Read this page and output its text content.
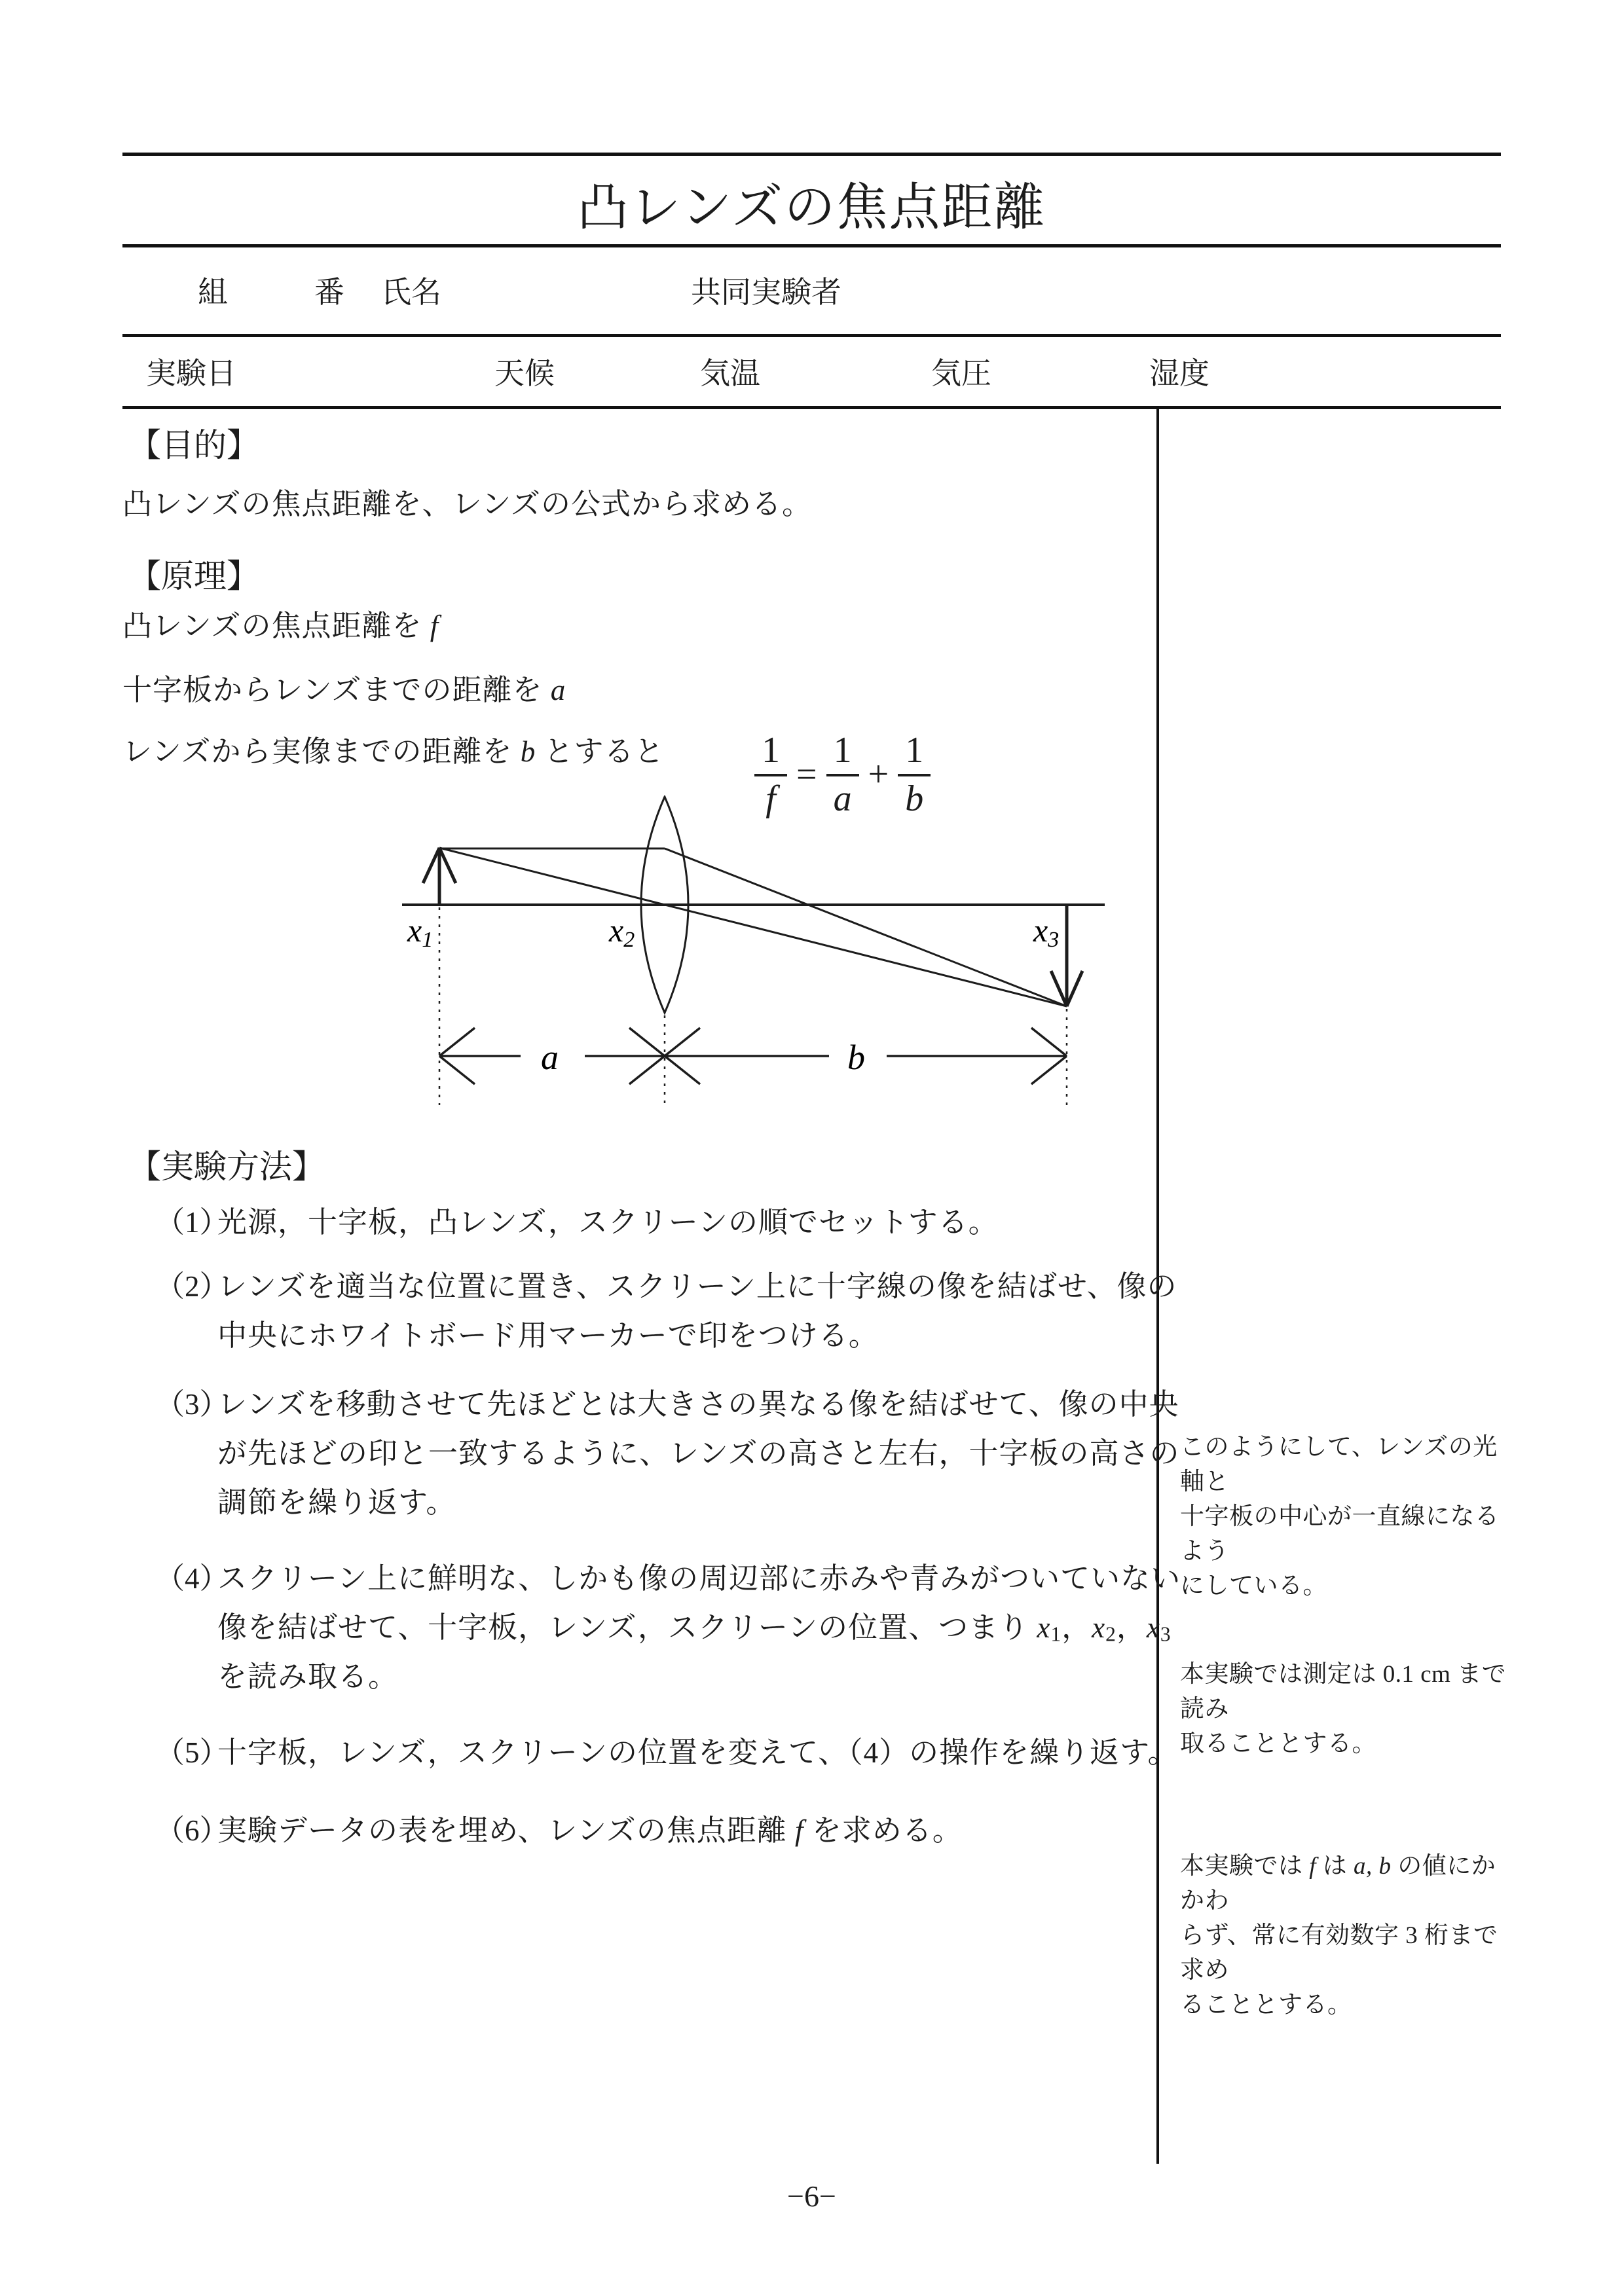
凸レンズの焦点距離
組	番 氏名	共同実験者
実験日	天候	気温	気圧	湿度
【目的】
凸レンズの焦点距離を、レンズの公式から求める。
【原理】
凸レンズの焦点距離を f
十字板からレンズまでの距離を a
レンズから実像までの距離を b とすると $\frac{1}{f} = \frac{1}{a} + \frac{1}{b}$
x1	x2	x3
a	b
【実験方法】
（1）
光源，十字板，凸レンズ，スクリーンの順でセットする。
（2）
レンズを適当な位置に置き、スクリーン上に十字線の像を結ばせ、像の
中央にホワイトボード用マーカーで印をつける。
（3）
レンズを移動させて先ほどとは大きさの異なる像を結ばせて、像の中央
が先ほどの印と一致するように、レンズの高さと左右，十字板の高さの
調節を繰り返す。
（4）
スクリーン上に鮮明な、しかも像の周辺部に赤みや青みがついていない
像を結ばせて、十字板，レンズ，スクリーンの位置、つまり x1，x2，x3
を読み取る。
（5）
十字板，レンズ，スクリーンの位置を変えて、（4）の操作を繰り返す。
（6）
実験データの表を埋め、レンズの焦点距離 f を求める。
このようにして、レンズの光軸と
十字板の中心が一直線になるよう
にしている。
本実験では測定は 0.1 cm まで読み
取ることとする。
本実験では f は a, b の値にかかわ
らず、常に有効数字 3 桁まで求め
ることとする。
−6−
